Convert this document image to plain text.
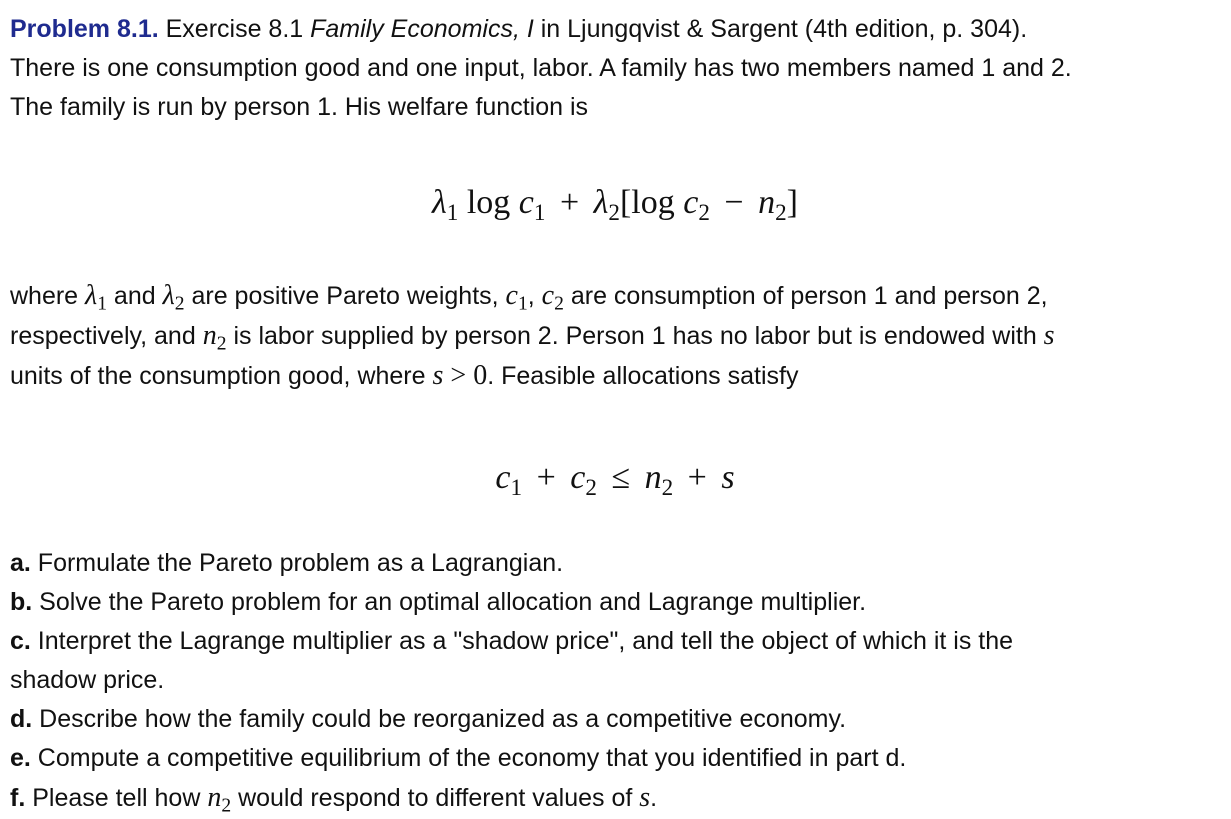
Problem 8.1. Exercise 8.1 Family Economics, I in Ljungqvist & Sargent (4th edition, p. 304).
There is one consumption good and one input, labor. A family has two members named 1 and 2.
The family is run by person 1. His welfare function is

$\lambda_1$ $\log c_1 + \lambda_2[\log$ $c_2 - n_2$]

where $\lambda_1$ and $\lambda_2$ are positive Pareto weights, $c_1$, $c_2$ are consumption of person 1 and person 2,
respectively, and $n_2$ is labor supplied by person 2. Person 1 has no labor but is endowed with s
units of the consumption good, where s > 0. Feasible allocations satisfy

$c_1 + c_2 \le n_2 + s$
a. Formulate the Pareto problem as a Lagrangian.
b. Solve the Pareto problem for an optimal allocation and Lagrange multiplier.
c. Interpret the Lagrange multiplier as a "shadow price", and tell the object of which it is the
shadow price.
d. Describe how the family could be reorganized as a competitive economy.
e. Compute a competitive equilibrium of the economy that you identified in part d.
f. Please tell how $n_2$ would respond to different values of s.
